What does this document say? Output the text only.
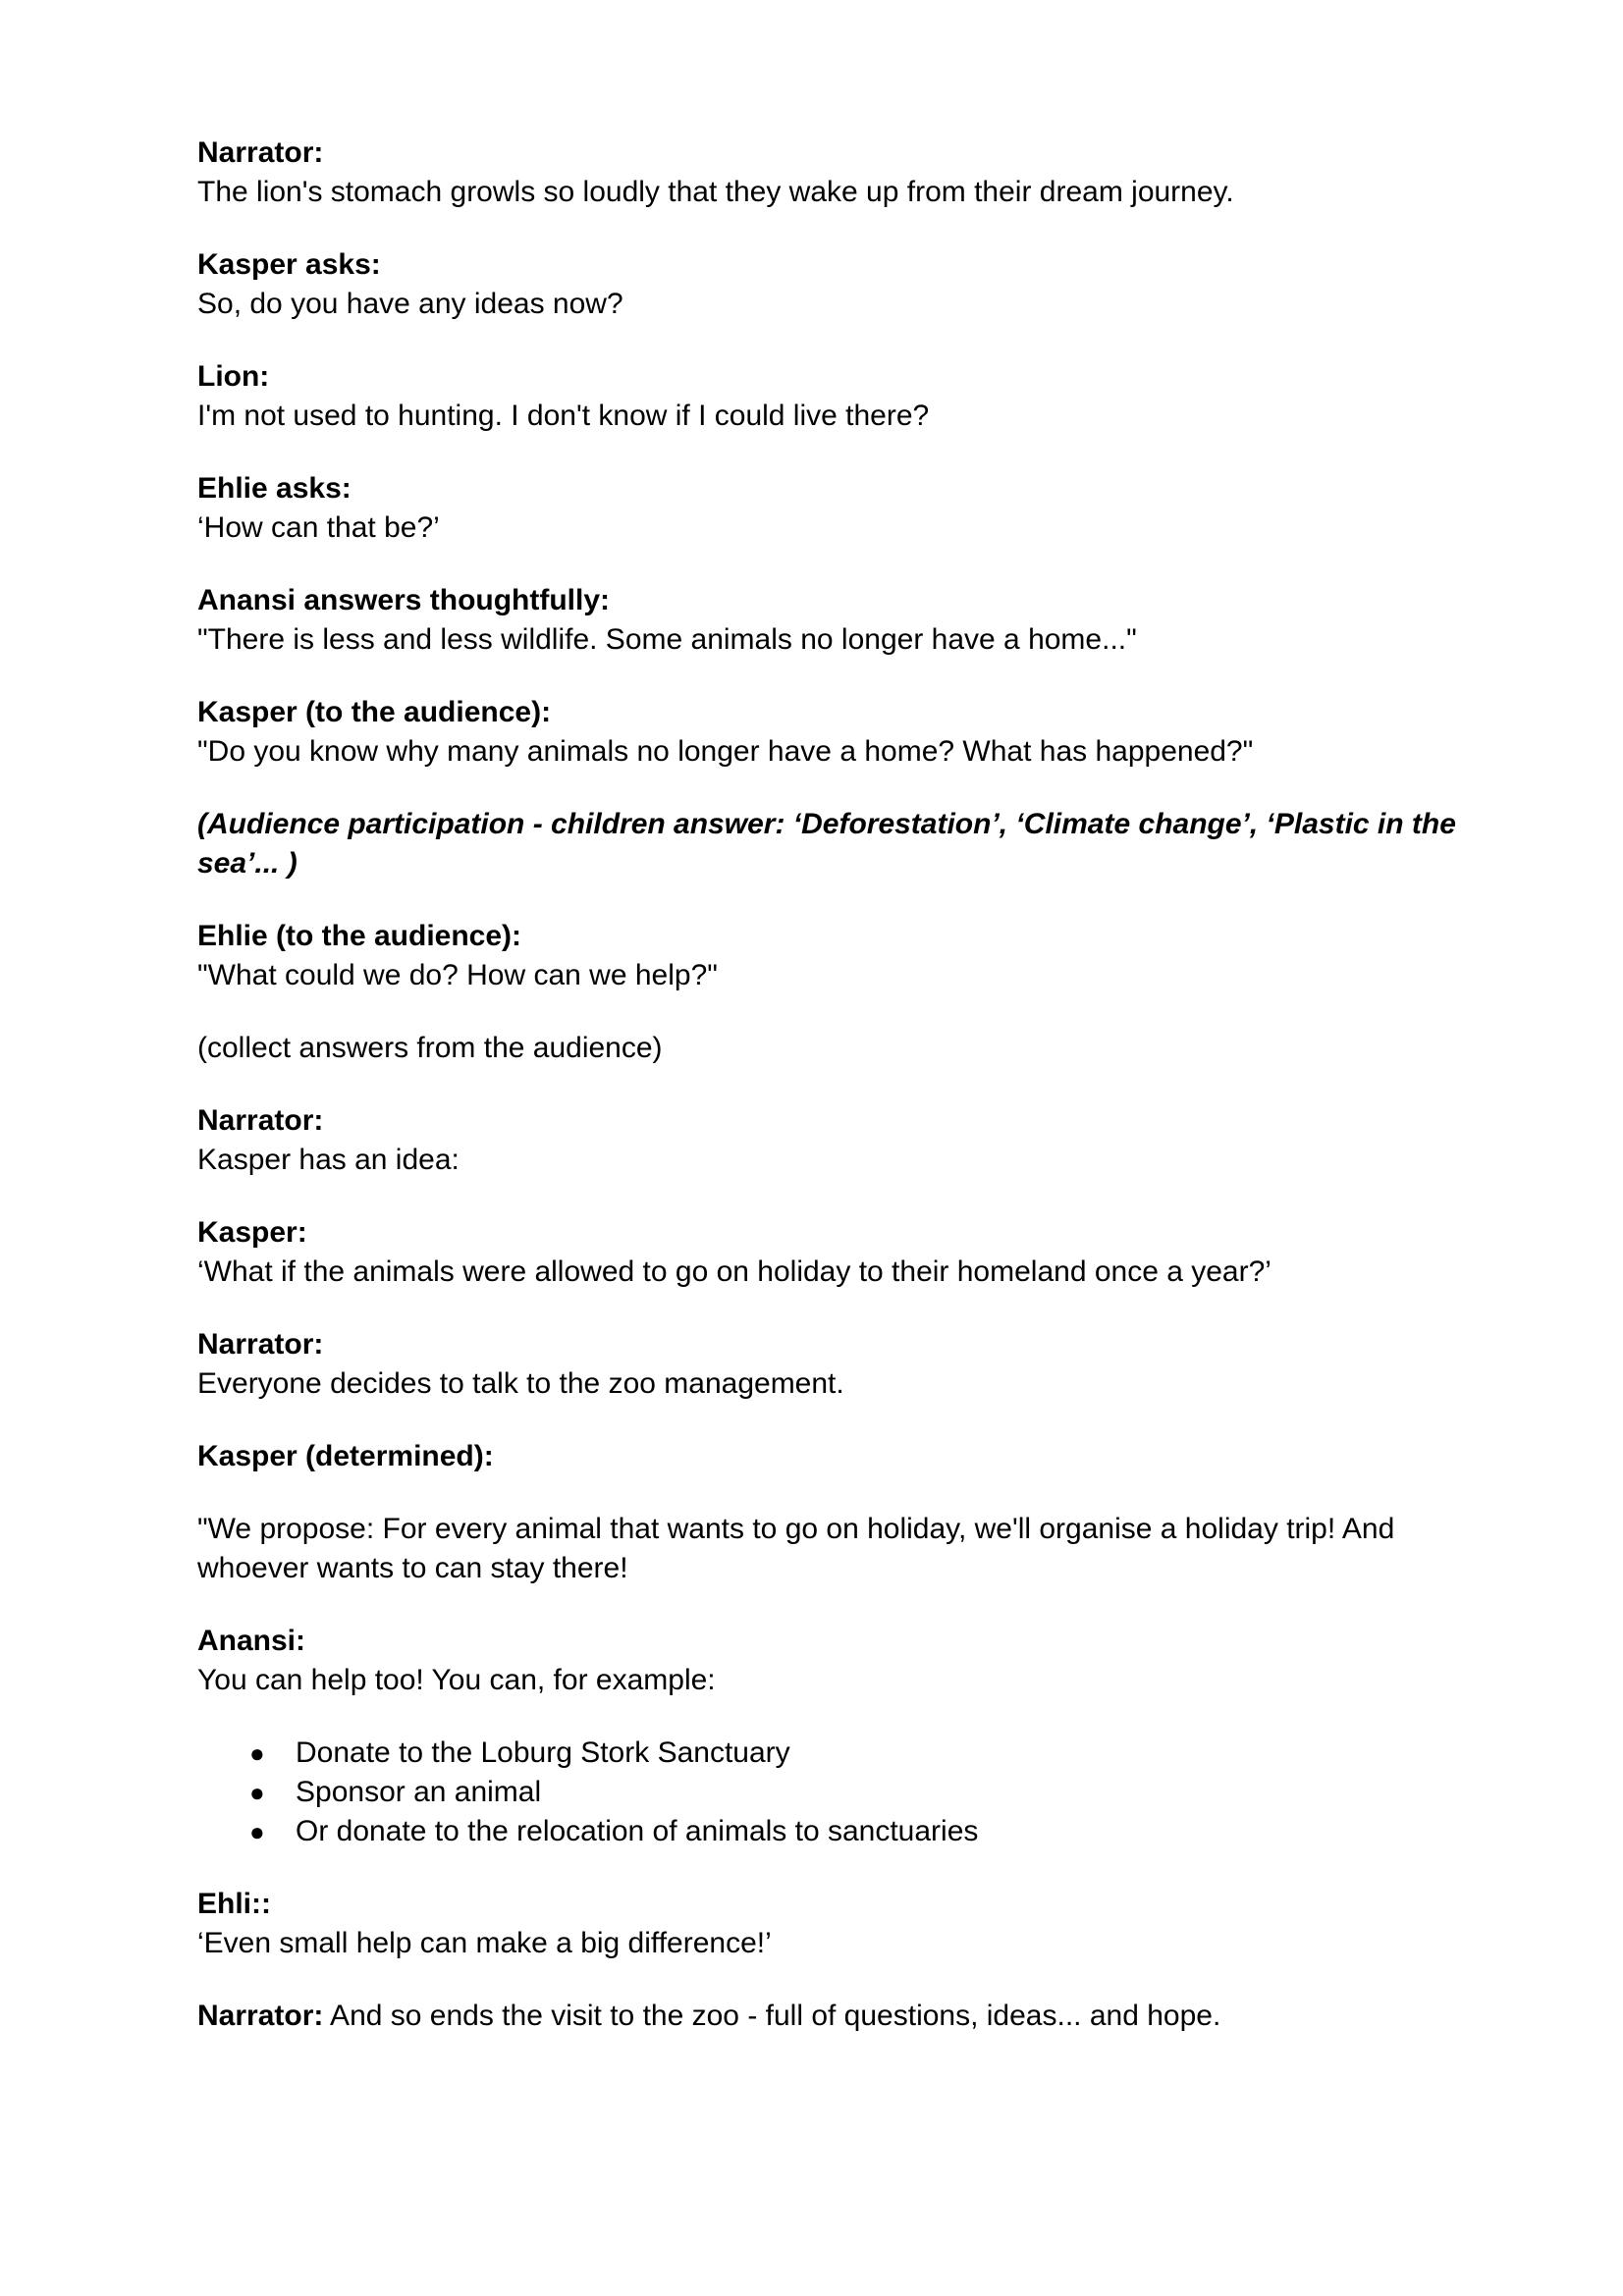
Narrator:
The lion's stomach growls so loudly that they wake up from their dream journey.
Kasper asks:
So, do you have any ideas now?
Lion:
I'm not used to hunting. I don't know if I could live there?
Ehlie asks:
‘How can that be?’
Anansi answers thoughtfully:
"There is less and less wildlife. Some animals no longer have a home..."
Kasper (to the audience):
"Do you know why many animals no longer have a home? What has happened?"
(Audience participation - children answer: ‘Deforestation’, ‘Climate change’, ‘Plastic in the sea’... )
Ehlie (to the audience):
"What could we do? How can we help?"
(collect answers from the audience)
Narrator:
Kasper has an idea:
Kasper:
‘What if the animals were allowed to go on holiday to their homeland once a year?’
Narrator:
Everyone decides to talk to the zoo management.
Kasper (determined):
"We propose: For every animal that wants to go on holiday, we'll organise a holiday trip! And whoever wants to can stay there!
Anansi:
You can help too! You can, for example:
● Donate to the Loburg Stork Sanctuary
● Sponsor an animal
● Or donate to the relocation of animals to sanctuaries
Ehli::
‘Even small help can make a big difference!’
Narrator: And so ends the visit to the zoo - full of questions, ideas... and hope.
